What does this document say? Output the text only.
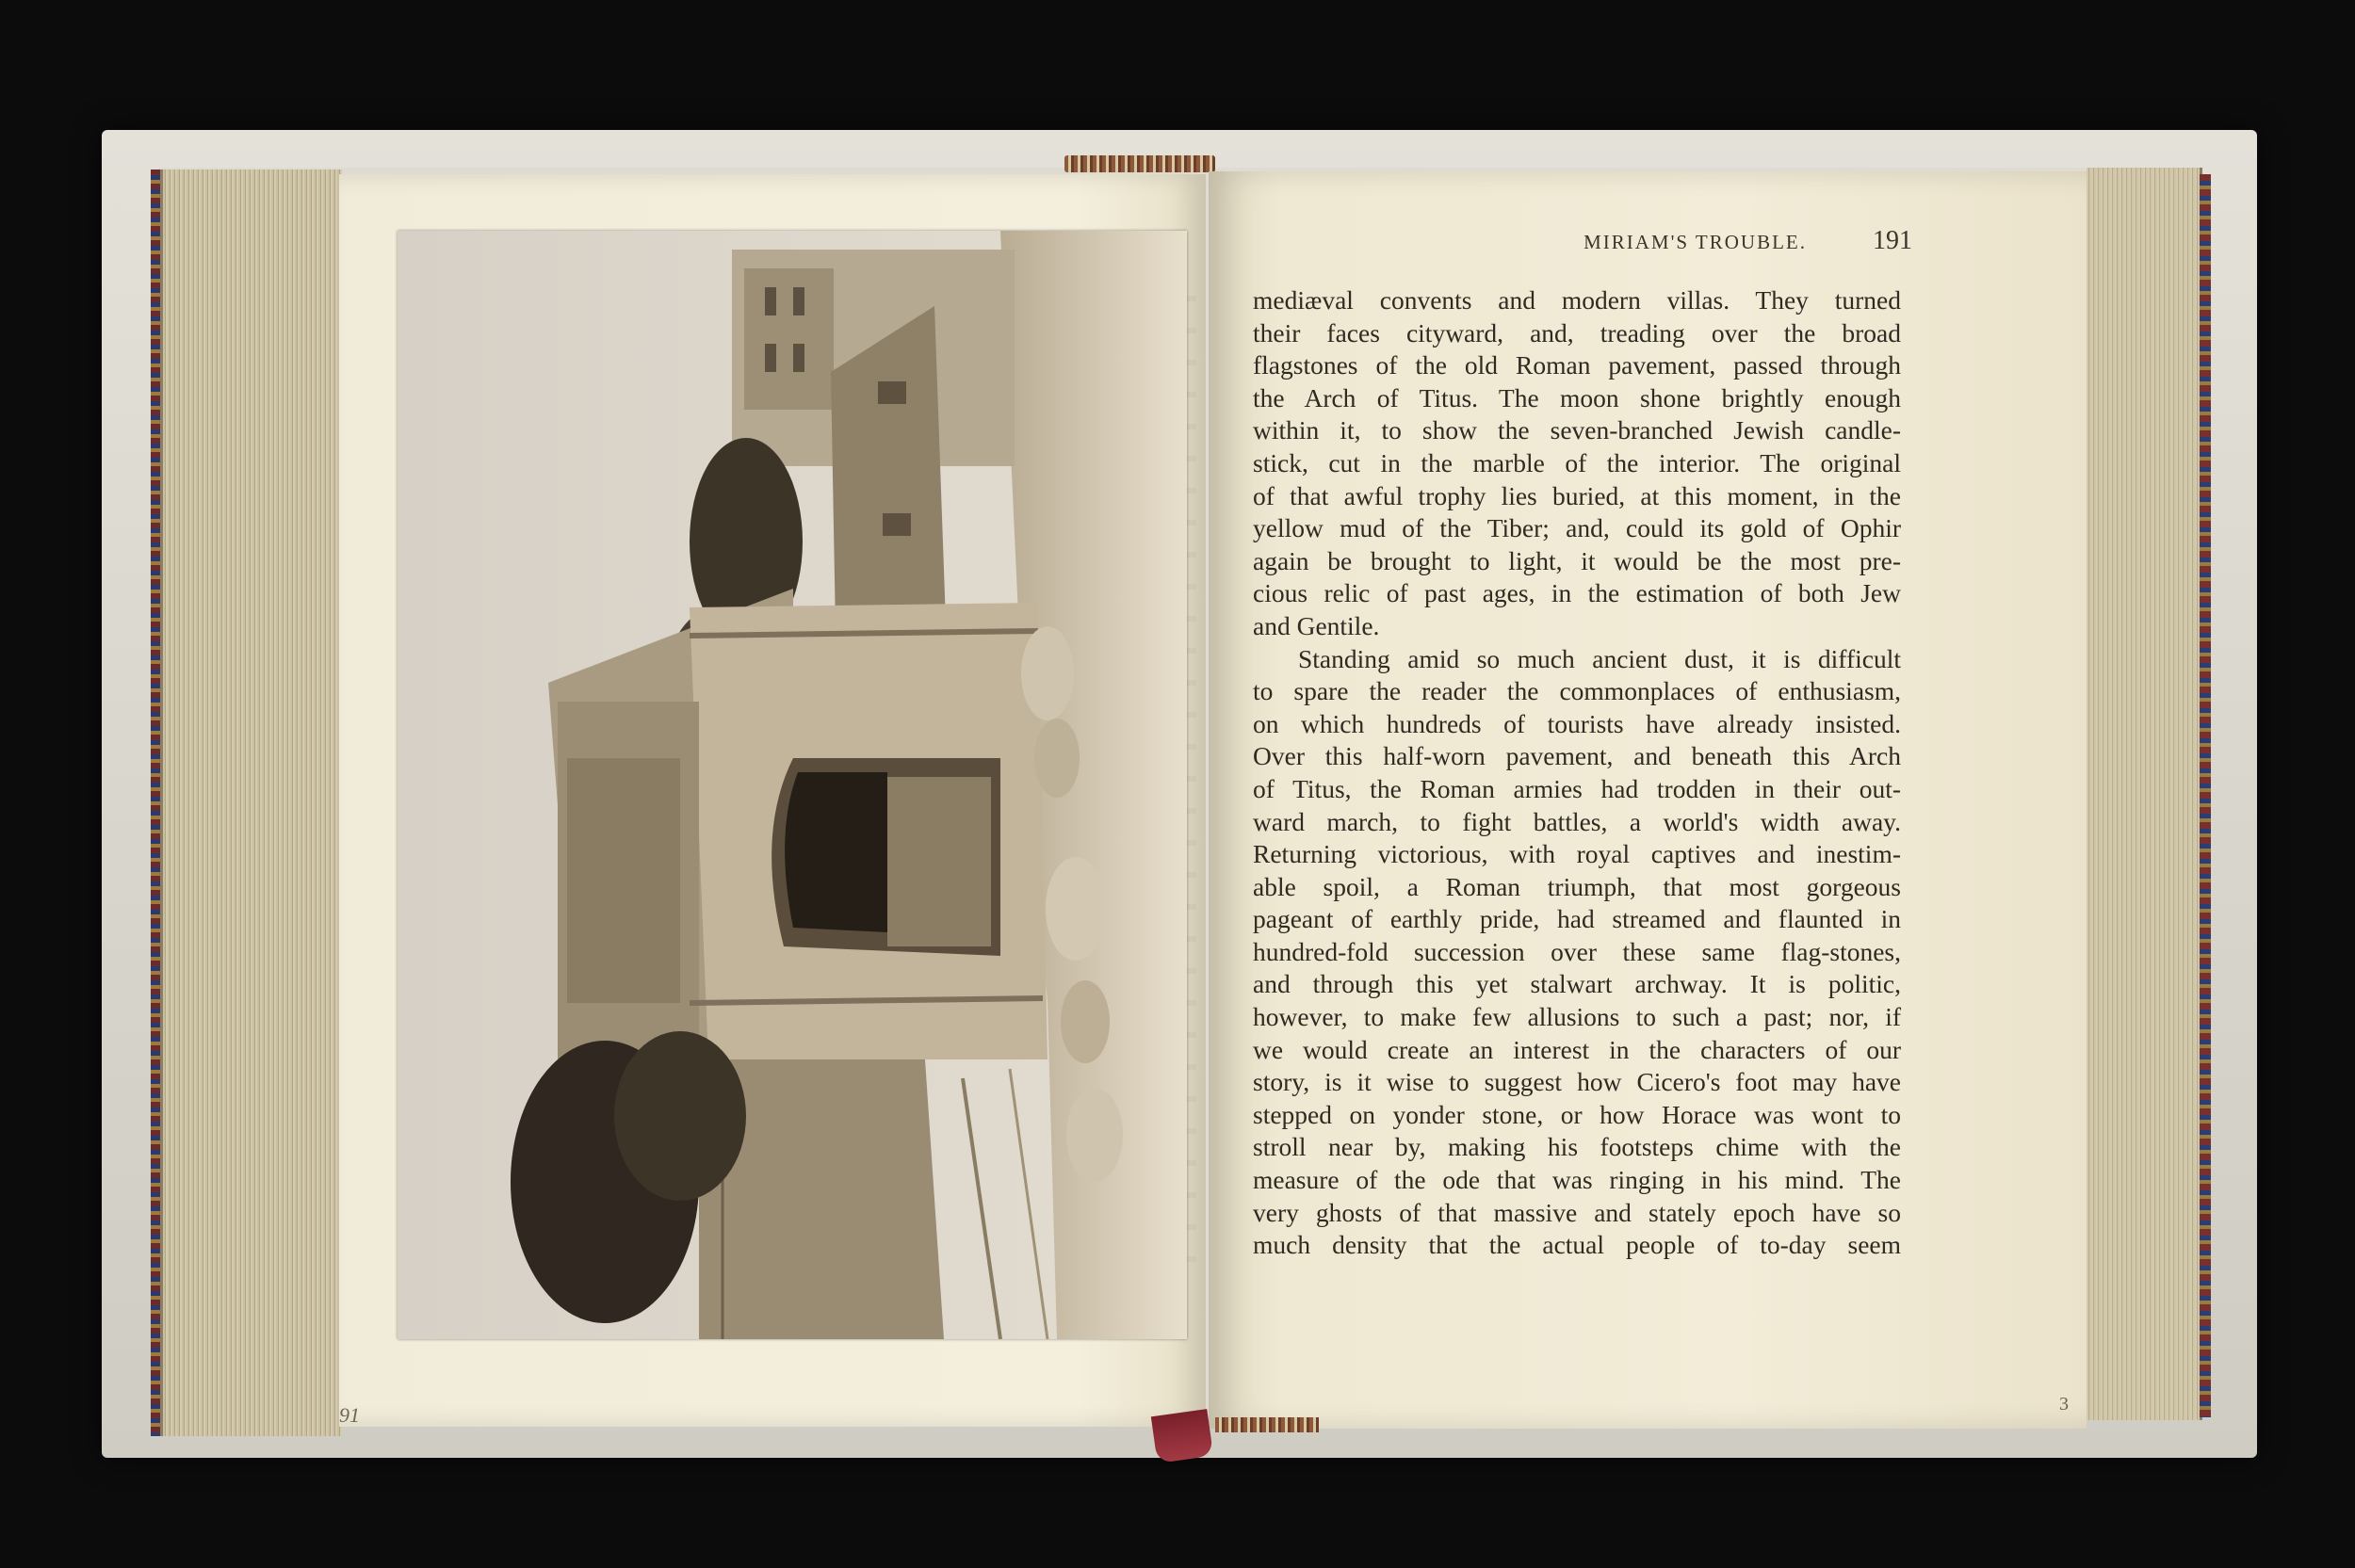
91
MIRIAM'S TROUBLE.	191
mediæval convents and modern villas. They turned
their faces cityward, and, treading over the broad
flagstones of the old Roman pavement, passed through
the Arch of Titus. The moon shone brightly enough
within it, to show the seven-branched Jewish candle-
stick, cut in the marble of the interior. The original
of that awful trophy lies buried, at this moment, in the
yellow mud of the Tiber; and, could its gold of Ophir
again be brought to light, it would be the most pre-
cious relic of past ages, in the estimation of both Jew
and Gentile.
Standing amid so much ancient dust, it is difficult
to spare the reader the commonplaces of enthusiasm,
on which hundreds of tourists have already insisted.
Over this half-worn pavement, and beneath this Arch
of Titus, the Roman armies had trodden in their out-
ward march, to fight battles, a world's width away.
Returning victorious, with royal captives and inestim-
able spoil, a Roman triumph, that most gorgeous
pageant of earthly pride, had streamed and flaunted in
hundred-fold succession over these same flag-stones,
and through this yet stalwart archway. It is politic,
however, to make few allusions to such a past; nor, if
we would create an interest in the characters of our
story, is it wise to suggest how Cicero's foot may have
stepped on yonder stone, or how Horace was wont to
stroll near by, making his footsteps chime with the
measure of the ode that was ringing in his mind. The
very ghosts of that massive and stately epoch have so
much density that the actual people of to-day seem
3
